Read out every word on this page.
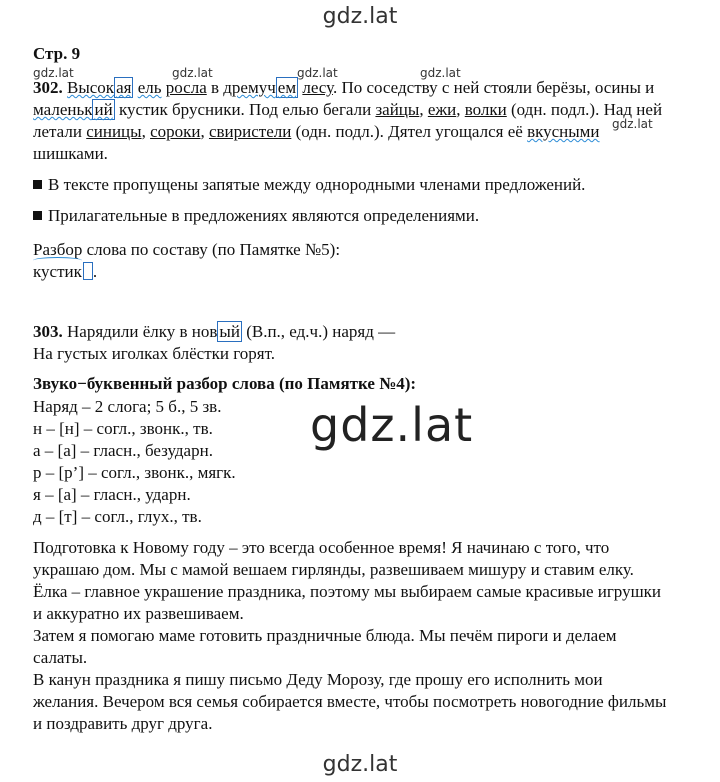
gdz.lat
gdz.lat
gdz.lat
gdz.lat	gdz.lat	gdz.lat	gdz.lat
gdz.lat
Стр. 9
302. Высок ая ель росла в дремуч ем лесу. По соседству с ней стояли берёзы, осины и
маленьк ий кустик брусники. Под елью бегали зайцы, ежи, волки (одн. подл.). Над ней
летали синицы, сороки, свиристели (одн. подл.). Дятел угощался её вкусными
шишками.
В тексте пропущены запятые между однородными членами предложений.
Прилагательные в предложениях являются определениями.
Разбор слова по составу (по Памятке №5):
кустик .
303. Нарядили ёлку в нов ый (В.п., ед.ч.) наряд —
На густых иголках блёстки горят.
Звуко−буквенный разбор слова (по Памятке №4):
Наряд – 2 слога; 5 б., 5 зв.
н – [н] – согл., звонк., тв.
а – [а] – гласн., безударн.
р – [р’] – согл., звонк., мягк.
я – [а] – гласн., ударн.
д – [т] – согл., глух., тв.
Подготовка к Новому году – это всегда особенное время! Я начинаю с того, что
украшаю дом. Мы с мамой вешаем гирлянды, развешиваем мишуру и ставим елку.
Ёлка – главное украшение праздника, поэтому мы выбираем самые красивые игрушки
и аккуратно их развешиваем.
Затем я помогаю маме готовить праздничные блюда. Мы печём пироги и делаем
салаты.
В канун праздника я пишу письмо Деду Морозу, где прошу его исполнить мои
желания. Вечером вся семья собирается вместе, чтобы посмотреть новогодние фильмы
и поздравить друг друга.
